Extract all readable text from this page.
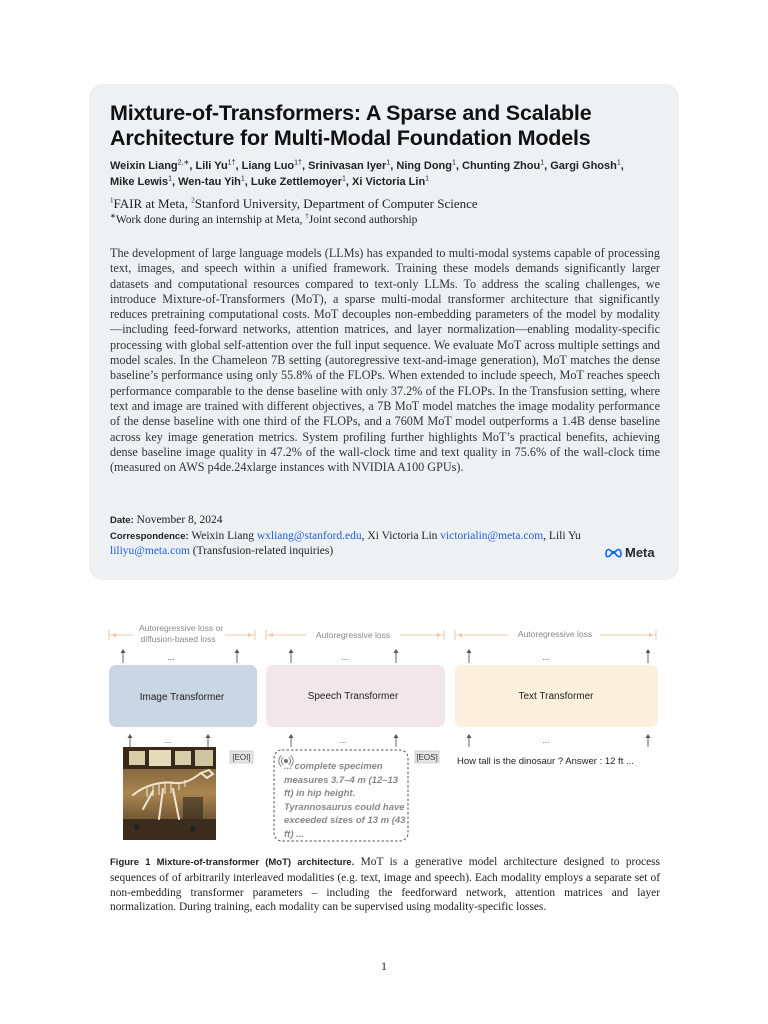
Mixture-of-Transformers: A Sparse and Scalable Architecture for Multi-Modal Foundation Models
Weixin Liang$^{2,∗}$, Lili $Yu^{1\dagger}$, Liang Luo$^{1\dagger}$, Srinivasan Iyer$^1$, Ning Dong$^1$, Chunting Zhou$^1$, Gargi Ghosh$^1$,
Mike Lewis$^1$, Wen-tau Yih$^1$, Luke Zettlemoyer$^1$, Xi Victoria Lin$^1$
$^1$FAIR at Meta, $^2$Stanford University, Department of Computer Science
∗Work done during an internship at Meta, †Joint second authorship

The development of large language models (LLMs) has expanded to multi-modal systems capable of processing text, images, and speech within a unified framework. Training these models demands significantly larger datasets and computational resources compared to text-only LLMs. To address the scaling challenges, we introduce Mixture-of-Transformers (MoT), a sparse multi-modal transformer architecture that significantly reduces pretraining computational costs. MoT decouples non-embedding parameters of the model by modality—including feed-forward networks, attention matrices, and layer normalization—enabling modality-specific processing with global self-attention over the full input sequence. We evaluate MoT across multiple settings and model scales. In the Chameleon 7B setting (autoregressive text-and-image generation), MoT matches the dense baseline’s performance using only 55.8% of the FLOPs. When extended to include speech, MoT reaches speech performance comparable to the dense baseline with only 37.2% of the FLOPs. In the Transfusion setting, where text and image are trained with different objectives, a 7B MoT model matches the image modality performance of the dense baseline with one third of the FLOPs, and a 760M MoT model outperforms a 1.4B dense baseline across key image generation metrics. System profiling further highlights MoT’s practical benefits, achieving dense baseline image quality in 47.2% of the wall-clock time and text quality in 75.6% of the wall-clock time (measured on AWS p4de.24xlarge instances with NVIDIA A100 GPUs).

Date: November 8, 2024
Correspondence: Weixin Liang wxliang@stanford.edu, Xi Victoria Lin victorialin@meta.com, Lili Yu
liliyu@meta.com (Transfusion-related inquiries)	Meta
Autoregressive loss or
diffusion-based loss	Autoregressive loss	Autoregressive loss
...	...	...
Image Transformer	Speech Transformer	Text Transformer
...	...	...
[EOI]	[EOS]
... complete specimen measures 3.7–4 m (12–13 ft) in hip height. Tyrannosaurus could have exceeded sizes of 13 m (43 ft) ...
How tall is the dinosaur ? Answer : 12 ft ...

Figure 1 Mixture-of-transformer (MoT) architecture. MoT is a generative model architecture designed to process sequences of of arbitrarily interleaved modalities (e.g. text, image and speech). Each modality employs a separate set of non-embedding transformer parameters – including the feedforward network, attention matrices and layer normalization. During training, each modality can be supervised using modality-specific losses.

1
